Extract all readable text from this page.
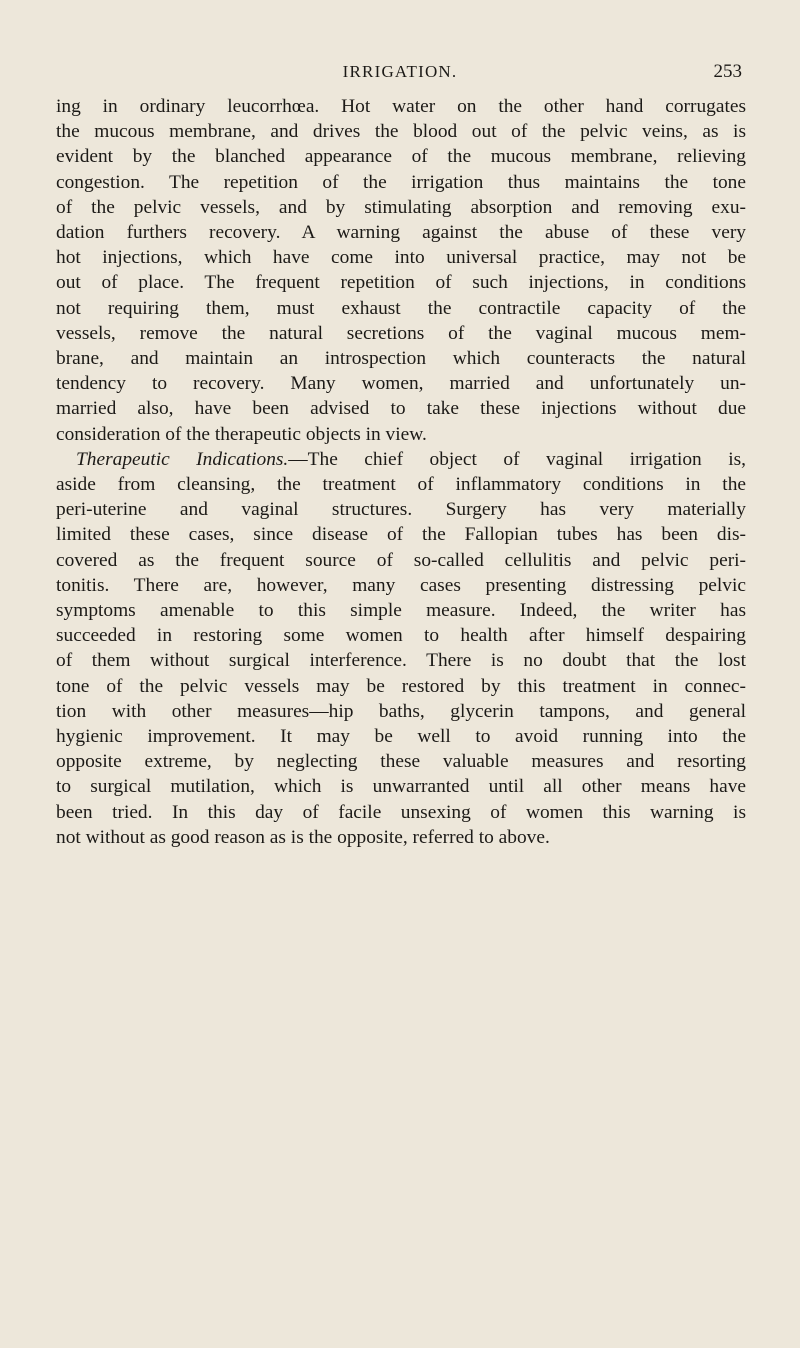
IRRIGATION.	253
ing in ordinary leucorrhœa. Hot water on the other hand corrugates
the mucous membrane, and drives the blood out of the pelvic veins, as is
evident by the blanched appearance of the mucous membrane, relieving
congestion. The repetition of the irrigation thus maintains the tone
of the pelvic vessels, and by stimulating absorption and removing exu-
dation furthers recovery. A warning against the abuse of these very
hot injections, which have come into universal practice, may not be
out of place. The frequent repetition of such injections, in conditions
not requiring them, must exhaust the contractile capacity of the
vessels, remove the natural secretions of the vaginal mucous mem-
brane, and maintain an introspection which counteracts the natural
tendency to recovery. Many women, married and unfortunately un-
married also, have been advised to take these injections without due
consideration of the therapeutic objects in view.
Therapeutic Indications.—The chief object of vaginal irrigation is,
aside from cleansing, the treatment of inflammatory conditions in the
peri-uterine and vaginal structures. Surgery has very materially
limited these cases, since disease of the Fallopian tubes has been dis-
covered as the frequent source of so-called cellulitis and pelvic peri-
tonitis. There are, however, many cases presenting distressing pelvic
symptoms amenable to this simple measure. Indeed, the writer has
succeeded in restoring some women to health after himself despairing
of them without surgical interference. There is no doubt that the lost
tone of the pelvic vessels may be restored by this treatment in connec-
tion with other measures—hip baths, glycerin tampons, and general
hygienic improvement. It may be well to avoid running into the
opposite extreme, by neglecting these valuable measures and resorting
to surgical mutilation, which is unwarranted until all other means have
been tried. In this day of facile unsexing of women this warning is
not without as good reason as is the opposite, referred to above.
